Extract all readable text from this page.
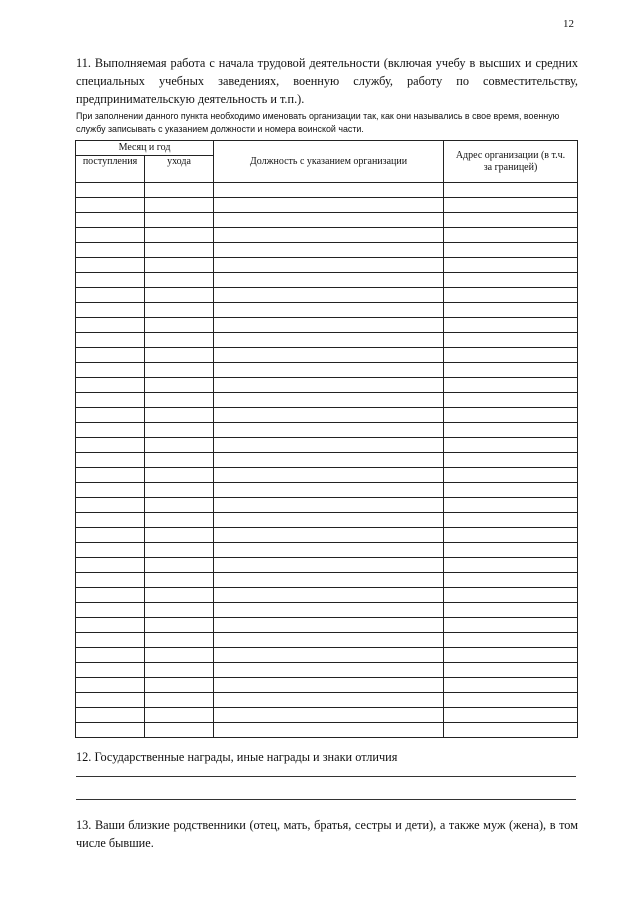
12
11. Выполняемая работа с начала трудовой деятельности (включая учебу в высших и средних специальных учебных заведениях, военную службу, работу по совместительству, предпринимательскую деятельность и т.п.).
При заполнении данного пункта необходимо именовать организации так, как они назывались в свое время, военную службу записывать с указанием должности и номера воинской части.
Месяц и год		Должность с указанием организации	Адрес организации (в т.ч. за границей)
поступления	ухода		

12. Государственные награды, иные награды и знаки отличия
13. Ваши близкие родственники (отец, мать, братья, сестры и дети), а также муж (жена), в том числе бывшие.
